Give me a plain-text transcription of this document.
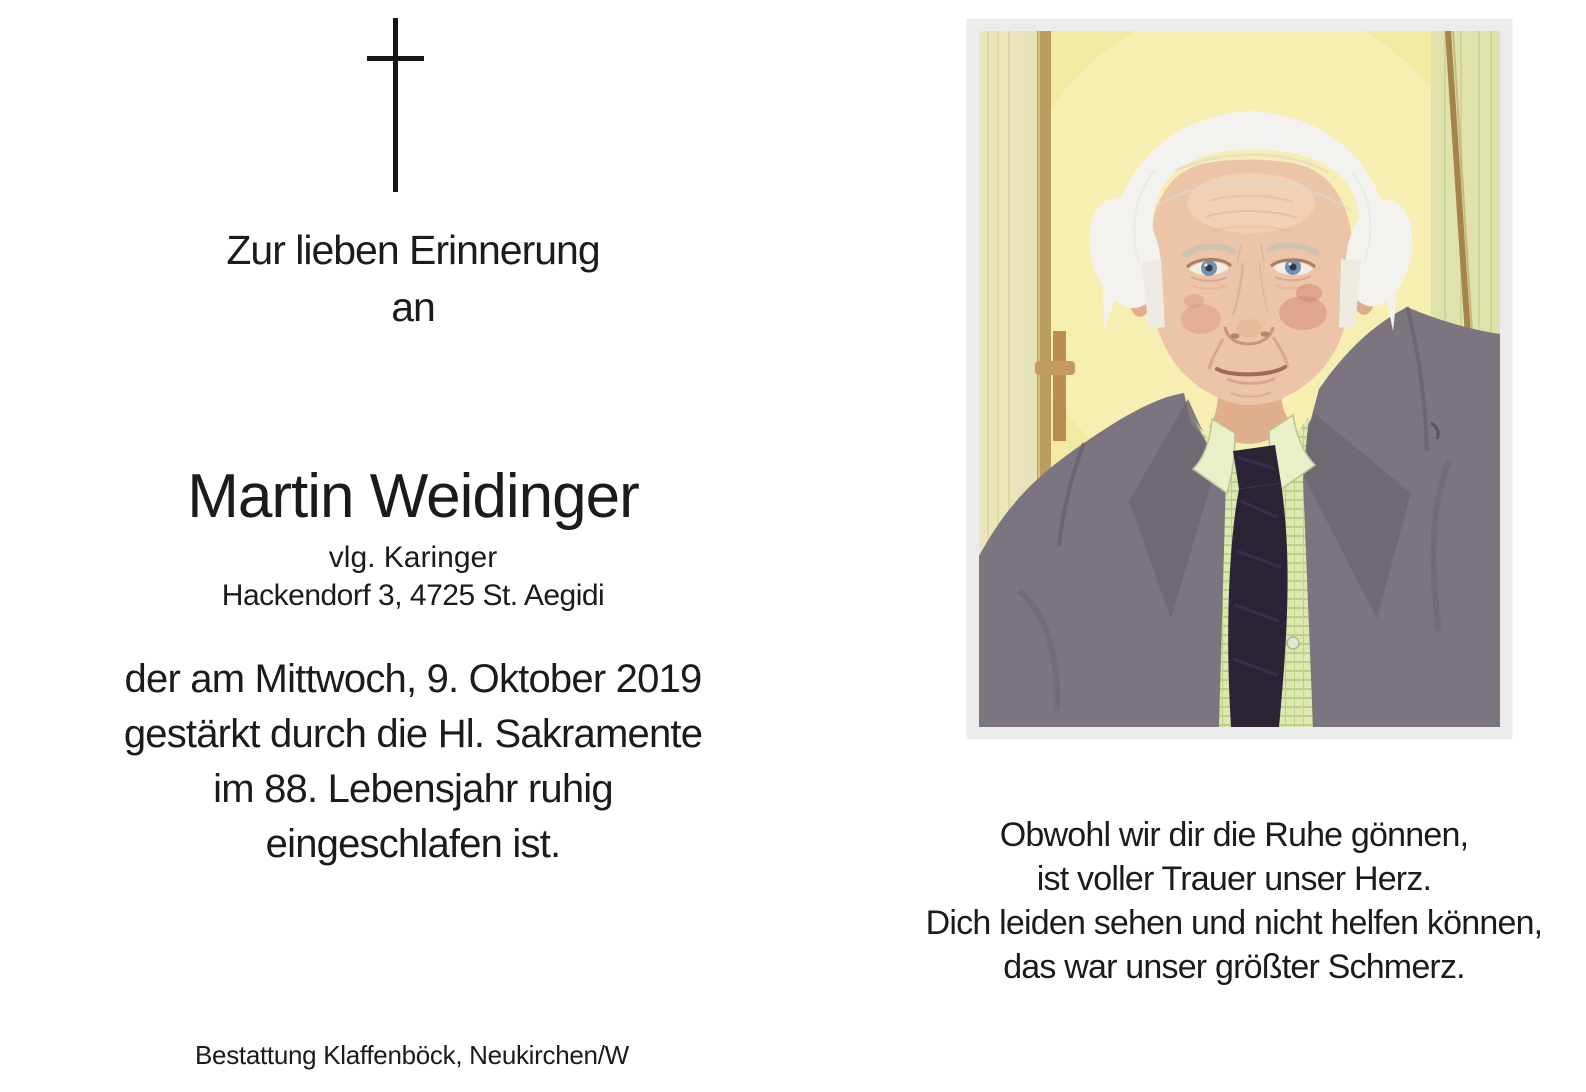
Zur lieben Erinnerung
an
Martin Weidinger
vlg. Karinger
Hackendorf 3, 4725 St. Aegidi
der am Mittwoch, 9. Oktober 2019
gestärkt durch die Hl. Sakramente
im 88. Lebensjahr ruhig
eingeschlafen ist.	Obwohl wir dir die Ruhe gönnen,
ist voller Trauer unser Herz.
Dich leiden sehen und nicht helfen können,
das war unser größter Schmerz.
Bestattung Klaffenböck, Neukirchen/W
